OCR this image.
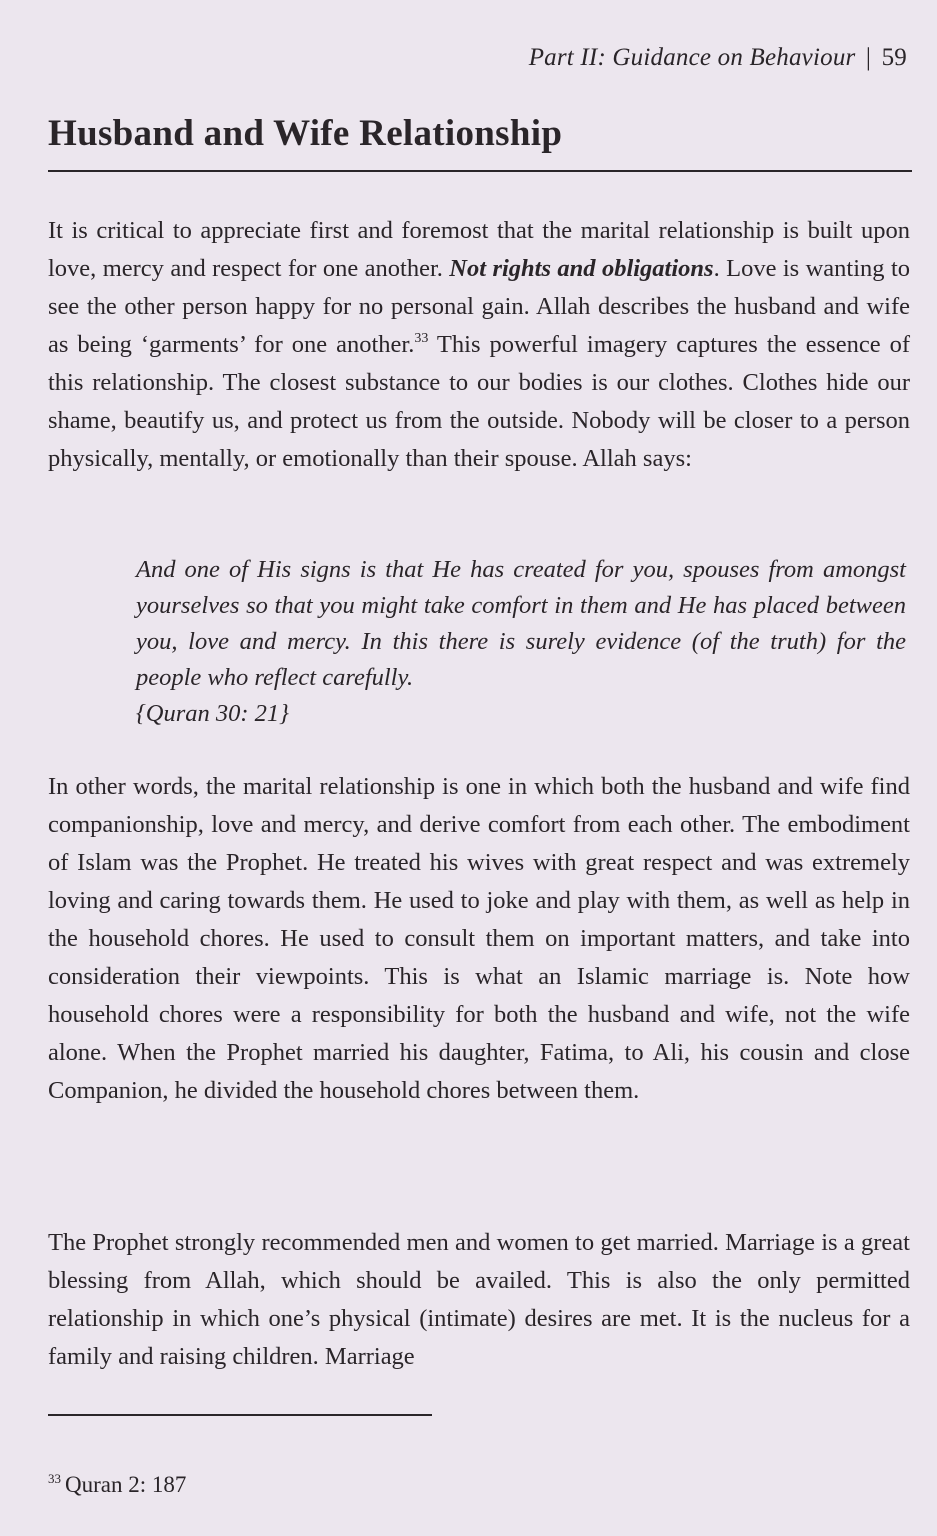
Part II: Guidance on Behaviour | 59
Husband and Wife Relationship

It is critical to appreciate first and foremost that the marital relationship is built upon love, mercy and respect for one another. Not rights and obligations. Love is wanting to see the other person happy for no personal gain. Allah describes the husband and wife as being ‘garments’ for one another.$^{33}$ This powerful imagery captures the essence of this relationship. The closest substance to our bodies is our clothes. Clothes hide our shame, beautify us, and protect us from the outside. Nobody will be closer to a person physically, mentally, or emotionally than their spouse. Allah says:

And one of His signs is that He has created for you, spouses from amongst yourselves so that you might take comfort in them and He has placed between you, love and mercy. In this there is surely evidence (of the truth) for the people who reflect carefully.
{Quran 30: 21}

In other words, the marital relationship is one in which both the husband and wife find companionship, love and mercy, and derive comfort from each other. The embodiment of Islam was the Prophet. He treated his wives with great respect and was extremely loving and caring towards them. He used to joke and play with them, as well as help in the household chores. He used to consult them on important matters, and take into consideration their viewpoints. This is what an Islamic marriage is. Note how household chores were a responsibility for both the husband and wife, not the wife alone. When the Prophet married his daughter, Fatima, to Ali, his cousin and close Companion, he divided the household chores between them.

The Prophet strongly recommended men and women to get married. Marriage is a great blessing from Allah, which should be availed. This is also the only permitted relationship in which one’s physical (intimate) desires are met. It is the nucleus for a family and raising children. Marriage

$^{33}$ Quran 2: 187
